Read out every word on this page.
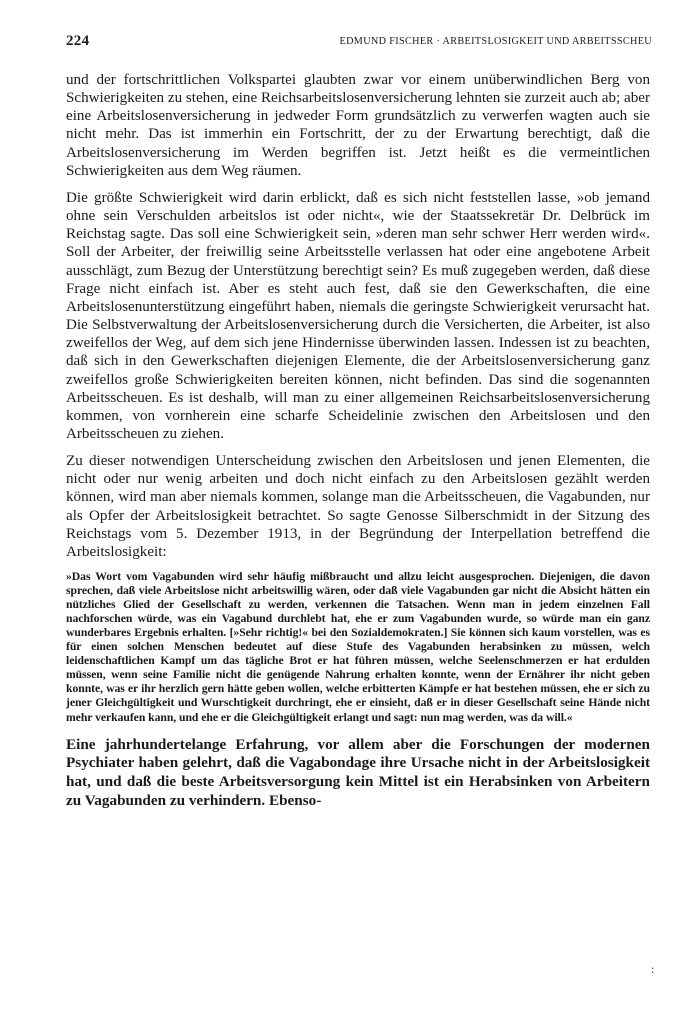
224	EDMUND FISCHER · ARBEITSLOSIGKEIT UND ARBEITSSCHEU

und der fortschrittlichen Volkspartei glaubten zwar vor einem unüberwindlichen Berg von Schwierigkeiten zu stehen, eine Reichsarbeitslosenversicherung lehnten sie zurzeit auch ab; aber eine Arbeitslosenversicherung in jedweder Form grundsätzlich zu verwerfen wagten auch sie nicht mehr. Das ist immerhin ein Fortschritt, der zu der Erwartung berechtigt, daß die Arbeitslosenversicherung im Werden begriffen ist. Jetzt heißt es die vermeintlichen Schwierigkeiten aus dem Weg räumen.

Die größte Schwierigkeit wird darin erblickt, daß es sich nicht feststellen lasse, »ob jemand ohne sein Verschulden arbeitslos ist oder nicht«, wie der Staatssekretär Dr. Delbrück im Reichstag sagte. Das soll eine Schwierigkeit sein, »deren man sehr schwer Herr werden wird«. Soll der Arbeiter, der freiwillig seine Arbeitsstelle verlassen hat oder eine angebotene Arbeit ausschlägt, zum Bezug der Unterstützung berechtigt sein? Es muß zugegeben werden, daß diese Frage nicht einfach ist. Aber es steht auch fest, daß sie den Gewerkschaften, die eine Arbeitslosenunterstützung eingeführt haben, niemals die geringste Schwierigkeit verursacht hat. Die Selbstverwaltung der Arbeitslosenversicherung durch die Versicherten, die Arbeiter, ist also zweifellos der Weg, auf dem sich jene Hindernisse überwinden lassen. Indessen ist zu beachten, daß sich in den Gewerkschaften diejenigen Elemente, die der Arbeitslosenversicherung ganz zweifellos große Schwierigkeiten bereiten können, nicht befinden. Das sind die sogenannten Arbeitsscheuen. Es ist deshalb, will man zu einer allgemeinen Reichsarbeitslosenversicherung kommen, von vornherein eine scharfe Scheidelinie zwischen den Arbeitslosen und den Arbeitsscheuen zu ziehen.

Zu dieser notwendigen Unterscheidung zwischen den Arbeitslosen und jenen Elementen, die nicht oder nur wenig arbeiten und doch nicht einfach zu den Arbeitslosen gezählt werden können, wird man aber niemals kommen, solange man die Arbeitsscheuen, die Vagabunden, nur als Opfer der Arbeitslosigkeit betrachtet. So sagte Genosse Silberschmidt in der Sitzung des Reichstags vom 5. Dezember 1913, in der Begründung der Interpellation betreffend die Arbeitslosigkeit:

»Das Wort vom Vagabunden wird sehr häufig mißbraucht und allzu leicht ausgesprochen. Diejenigen, die davon sprechen, daß viele Arbeitslose nicht arbeitswillig wären, oder daß viele Vagabunden gar nicht die Absicht hätten ein nützliches Glied der Gesellschaft zu werden, verkennen die Tatsachen. Wenn man in jedem einzelnen Fall nachforschen würde, was ein Vagabund durchlebt hat, ehe er zum Vagabunden wurde, so würde man ein ganz wunderbares Ergebnis erhalten. [»Sehr richtig!« bei den Sozialdemokraten.] Sie können sich kaum vorstellen, was es für einen solchen Menschen bedeutet auf diese Stufe des Vagabunden herabsinken zu müssen, welch leidenschaftlichen Kampf um das tägliche Brot er hat führen müssen, welche Seelenschmerzen er hat erdulden müssen, wenn seine Familie nicht die genügende Nahrung erhalten konnte, wenn der Ernährer ihr nicht geben konnte, was er ihr herzlich gern hätte geben wollen, welche erbitterten Kämpfe er hat bestehen müssen, ehe er sich zu jener Gleichgültigkeit und Wurschtigkeit durchringt, ehe er einsieht, daß er in dieser Gesellschaft seine Hände nicht mehr verkaufen kann, und ehe er die Gleichgültigkeit erlangt und sagt: nun mag werden, was da will.«

Eine jahrhundertelange Erfahrung, vor allem aber die Forschungen der modernen Psychiater haben gelehrt, daß die Vagabondage ihre Ursache nicht in der Arbeitslosigkeit hat, und daß die beste Arbeitsversorgung kein Mittel ist ein Herabsinken von Arbeitern zu Vagabunden zu verhindern. Ebenso-

:
